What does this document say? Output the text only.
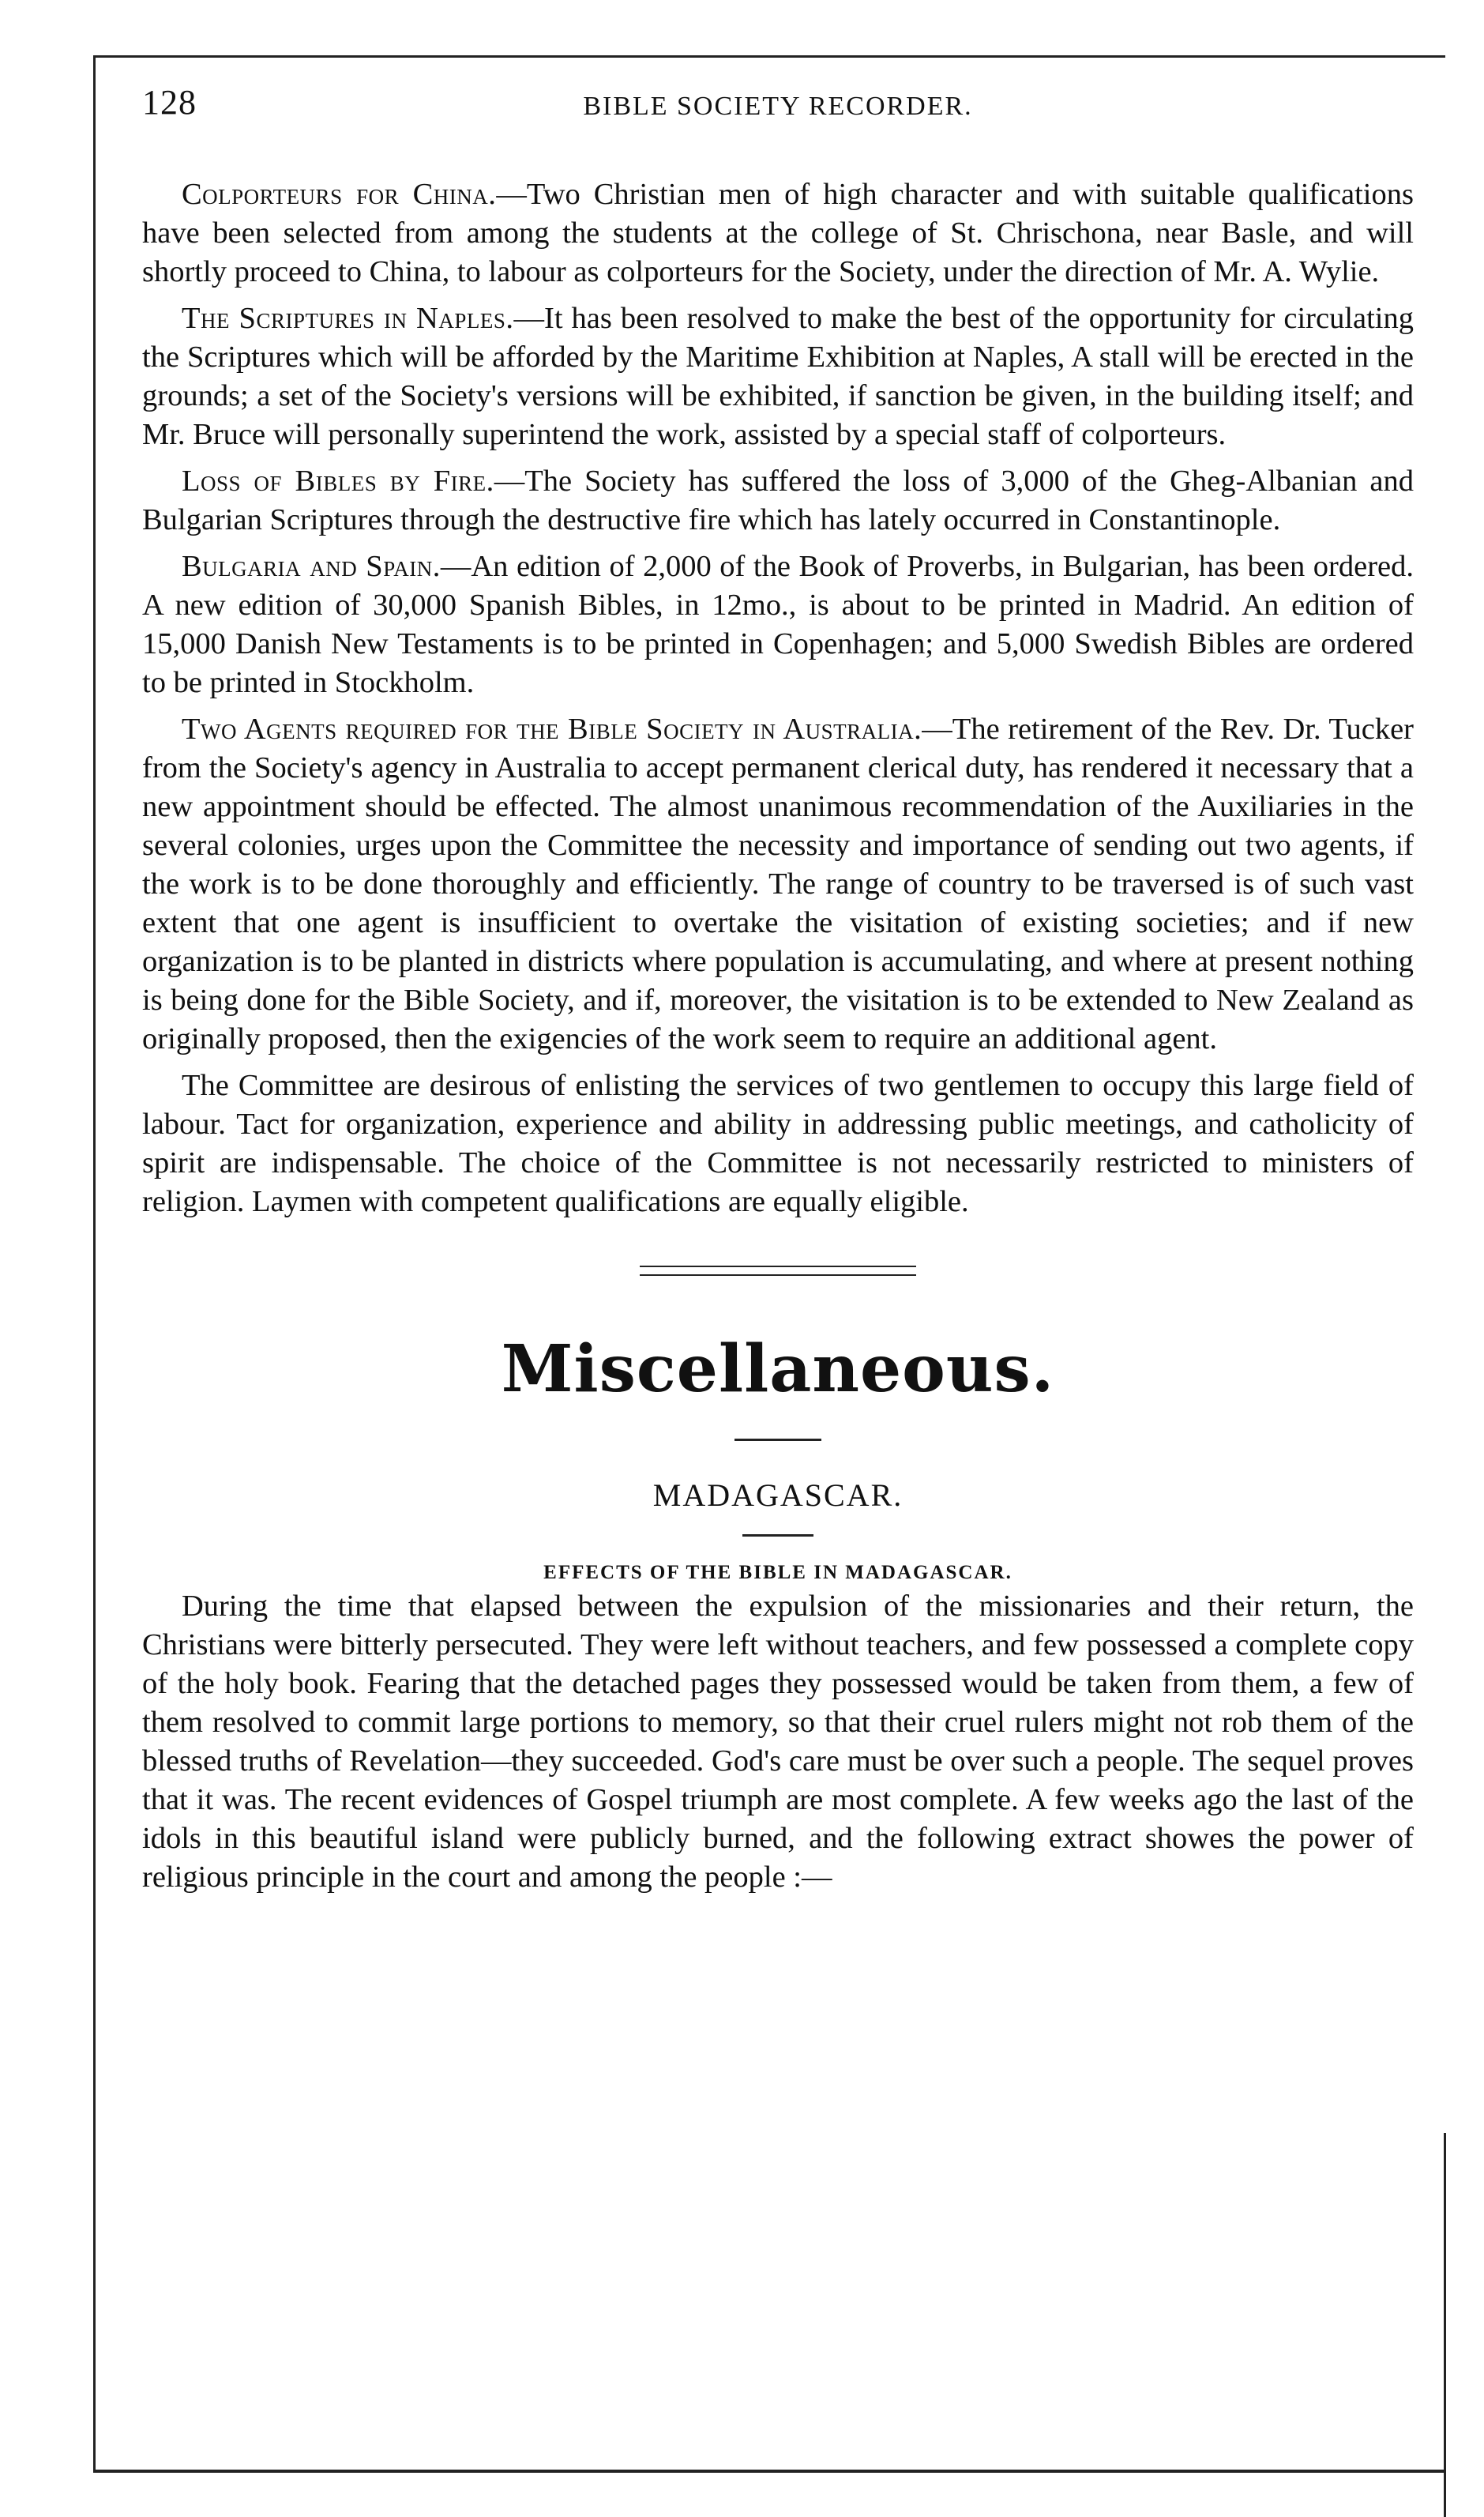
128	BIBLE SOCIETY RECORDER.

Colporteurs for China.—Two Christian men of high character and with suitable qualifications have been selected from among the students at the college of St. Chrischona, near Basle, and will shortly proceed to China, to labour as colporteurs for the Society, under the direction of Mr. A. Wylie.

The Scriptures in Naples.—It has been resolved to make the best of the opportunity for circulating the Scriptures which will be afforded by the Maritime Exhibition at Naples, A stall will be erected in the grounds; a set of the Society's versions will be exhibited, if sanction be given, in the building itself; and Mr. Bruce will personally superintend the work, assisted by a special staff of colporteurs.

Loss of Bibles by Fire.—The Society has suffered the loss of 3,000 of the Gheg-Albanian and Bulgarian Scriptures through the destructive fire which has lately occurred in Constantinople.

Bulgaria and Spain.—An edition of 2,000 of the Book of Proverbs, in Bulgarian, has been ordered. A new edition of 30,000 Spanish Bibles, in 12mo., is about to be printed in Madrid. An edition of 15,000 Danish New Testaments is to be printed in Copenhagen; and 5,000 Swedish Bibles are ordered to be printed in Stockholm.

Two Agents required for the Bible Society in Australia.—The retirement of the Rev. Dr. Tucker from the Society's agency in Australia to accept permanent clerical duty, has rendered it necessary that a new appointment should be effected. The almost unanimous recommendation of the Auxiliaries in the several colonies, urges upon the Committee the necessity and importance of sending out two agents, if the work is to be done thoroughly and efficiently. The range of country to be traversed is of such vast extent that one agent is insufficient to overtake the visitation of existing societies; and if new organization is to be planted in districts where population is accumulating, and where at present nothing is being done for the Bible Society, and if, moreover, the visitation is to be extended to New Zealand as originally proposed, then the exigencies of the work seem to require an additional agent.

The Committee are desirous of enlisting the services of two gentlemen to occupy this large field of labour. Tact for organization, experience and ability in addressing public meetings, and catholicity of spirit are indispensable. The choice of the Committee is not necessarily restricted to ministers of religion. Laymen with competent qualifications are equally eligible.

Miscellaneous.
MADAGASCAR.
EFFECTS OF THE BIBLE IN MADAGASCAR.

During the time that elapsed between the expulsion of the missionaries and their return, the Christians were bitterly persecuted. They were left without teachers, and few possessed a complete copy of the holy book. Fearing that the detached pages they possessed would be taken from them, a few of them resolved to commit large portions to memory, so that their cruel rulers might not rob them of the blessed truths of Revelation—they succeeded. God's care must be over such a people. The sequel proves that it was. The recent evidences of Gospel triumph are most complete. A few weeks ago the last of the idols in this beautiful island were publicly burned, and the following extract showes the power of religious principle in the court and among the people :—
